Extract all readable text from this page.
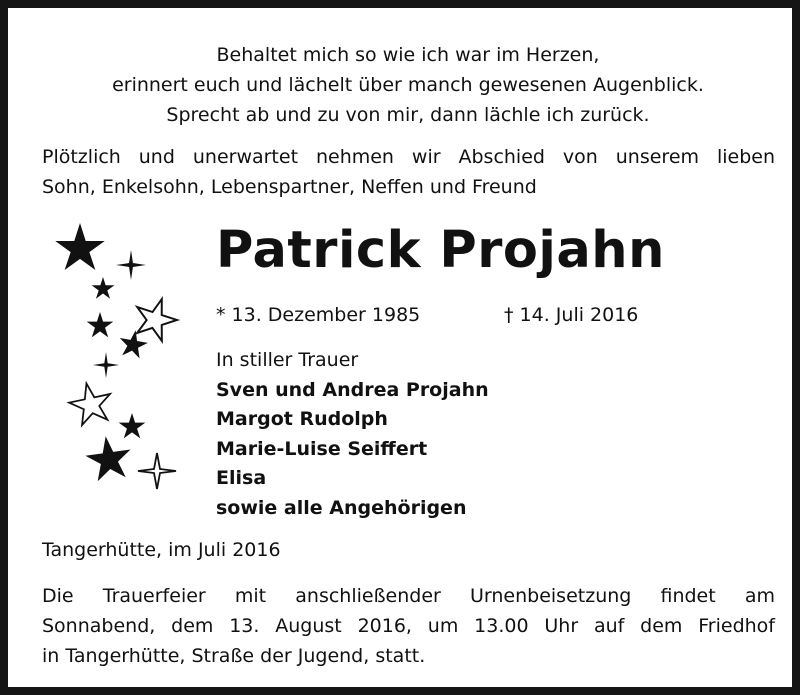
Behaltet mich so wie ich war im Herzen,
erinnert euch und lächelt über manch gewesenen Augenblick.
Sprecht ab und zu von mir, dann lächle ich zurück.
Plötzlich und unerwartet nehmen wir Abschied von unserem lieben
Sohn, Enkelsohn, Lebenspartner, Neffen und Freund
Patrick Projahn
* 13. Dezember 1985	† 14. Juli 2016
In stiller Trauer
Sven und Andrea Projahn
Margot Rudolph
Marie-Luise Seiffert
Elisa
sowie alle Angehörigen
Tangerhütte, im Juli 2016
Die Trauerfeier mit anschließender Urnenbeisetzung findet am
Sonnabend, dem 13. August 2016, um 13.00 Uhr auf dem Friedhof
in Tangerhütte, Straße der Jugend, statt.
